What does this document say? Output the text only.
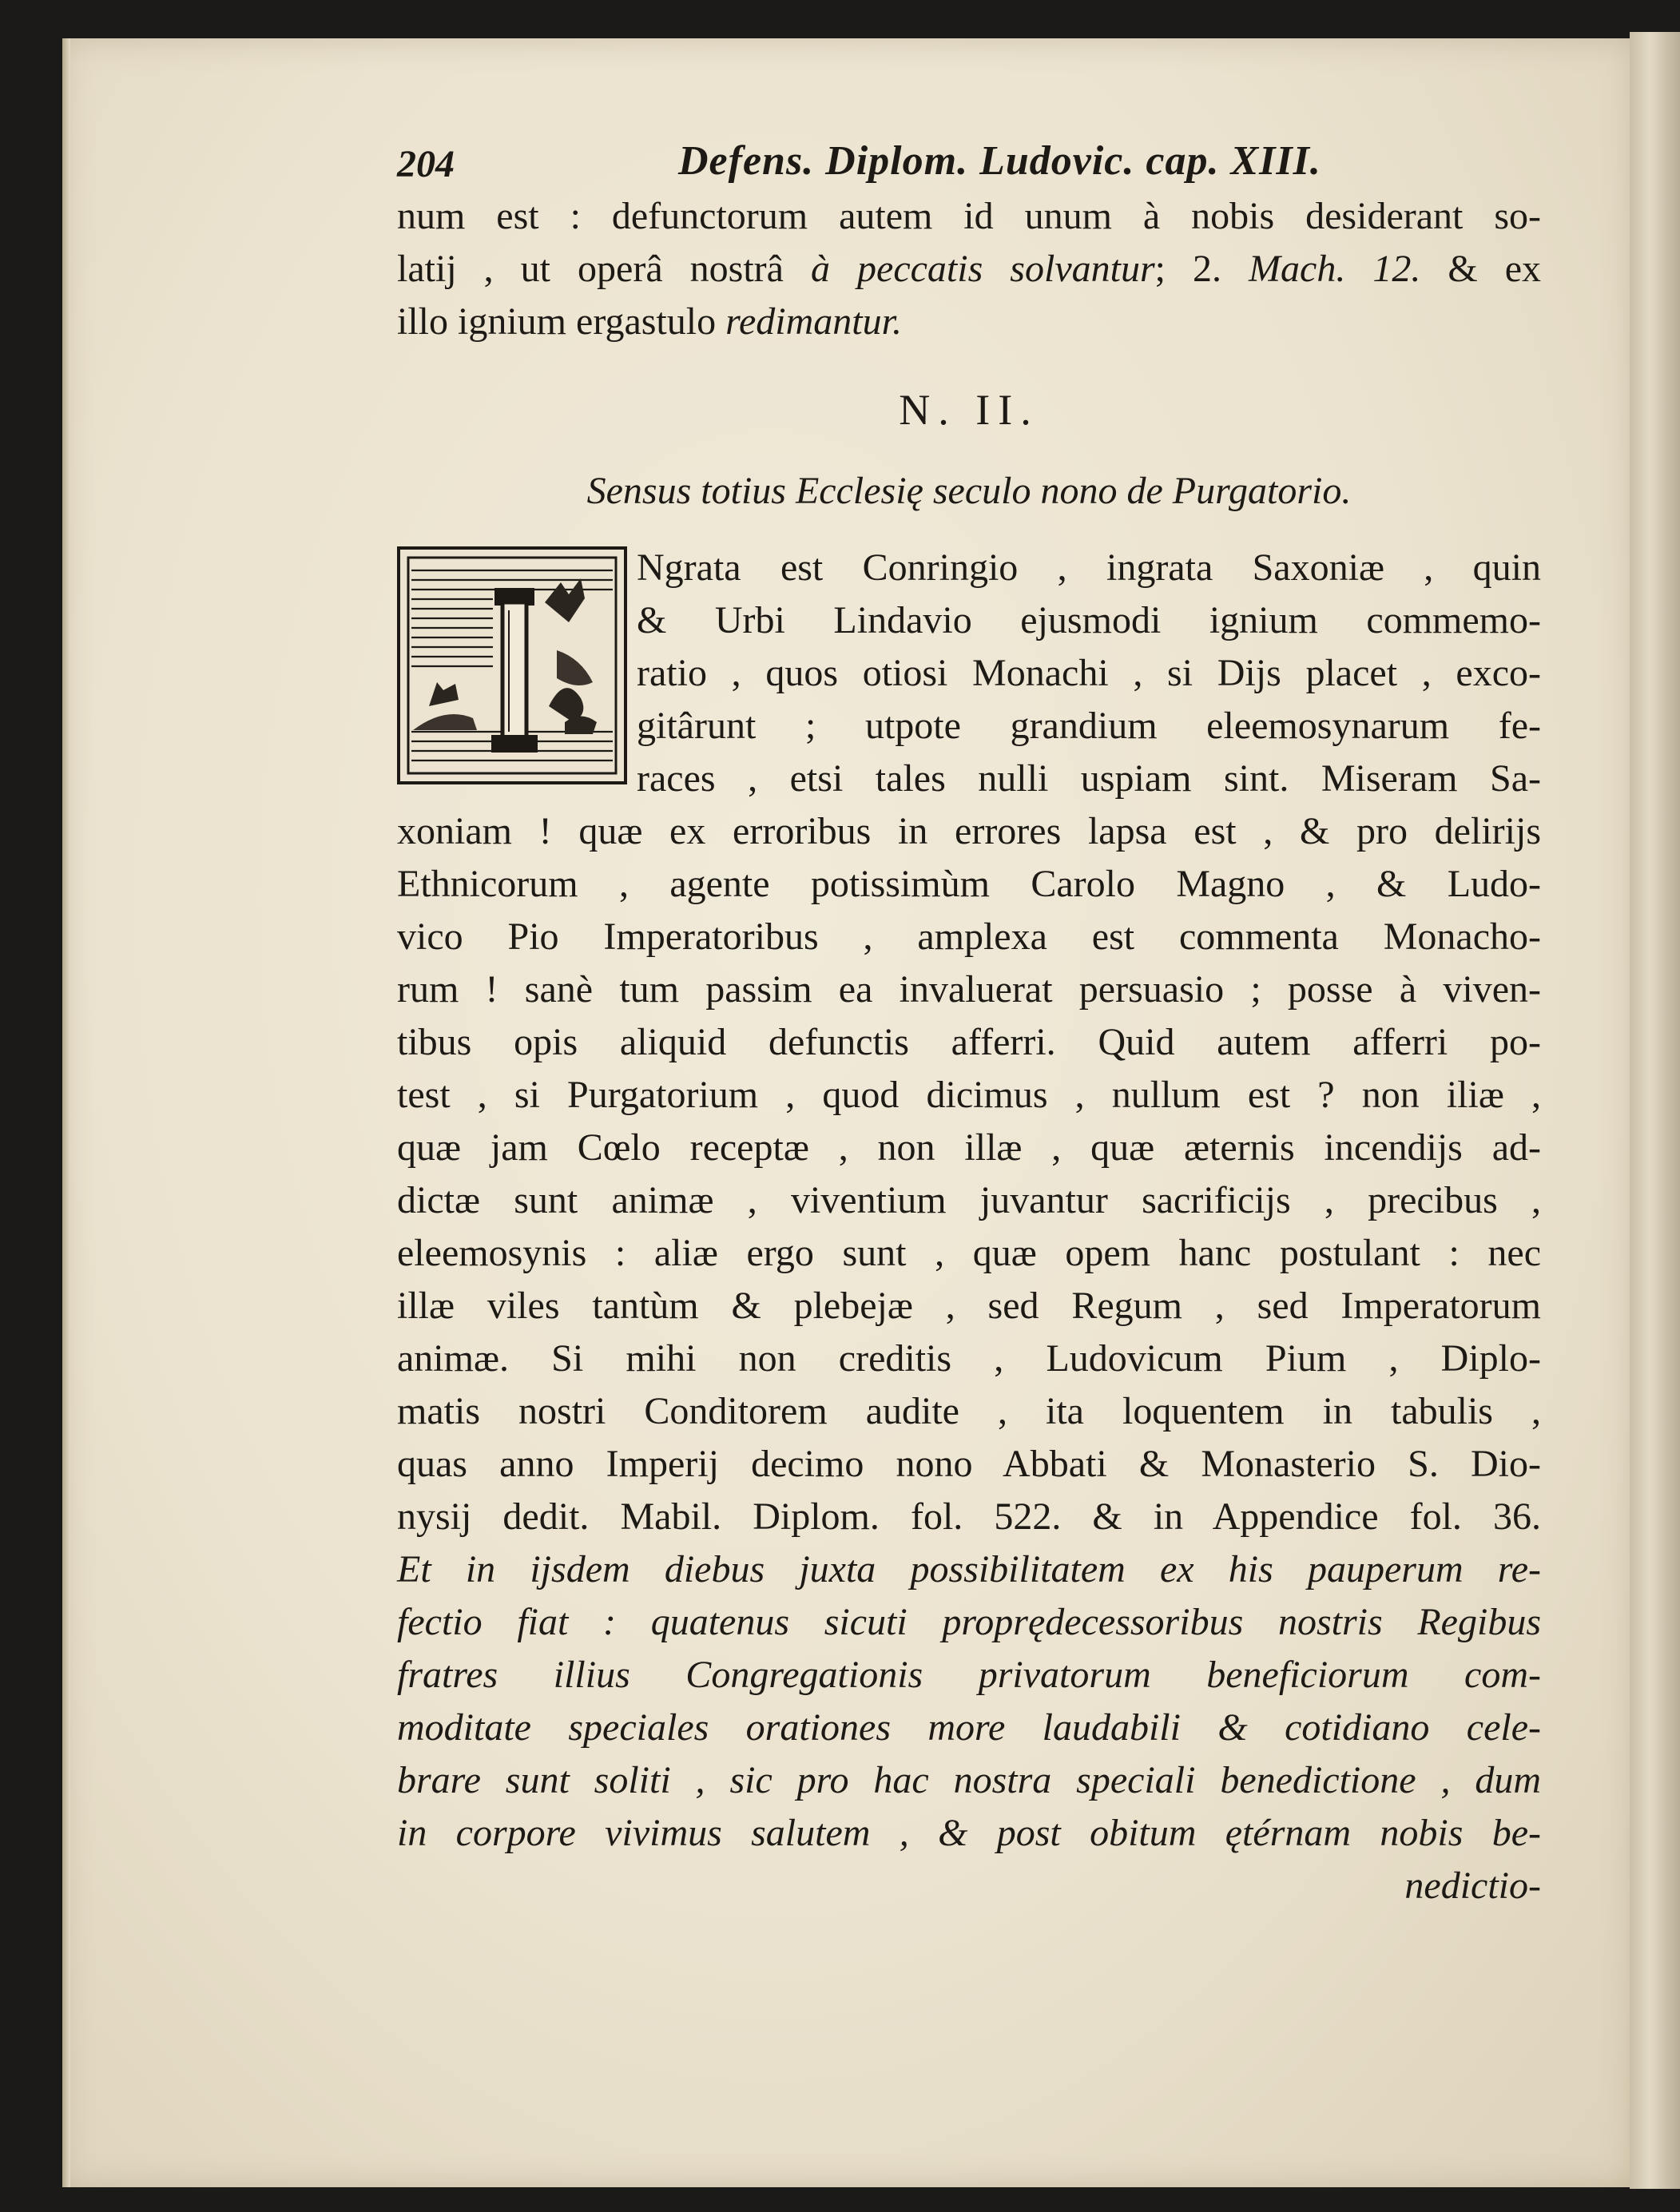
204	Defens. Diplom. Ludovic. cap. XIII.
num est : defunctorum autem id unum à nobis desiderant so-
latij , ut operâ nostrâ à peccatis solvantur; 2. Mach. 12. & ex
illo ignium ergastulo redimantur.
N. II.
Sensus totius Ecclesię seculo nono de Purgatorio.
Ngrata est Conringio , ingrata Saxoniæ , quin
& Urbi Lindavio ejusmodi ignium commemo-
ratio , quos otiosi Monachi , si Dijs placet , exco-
gitârunt ; utpote grandium eleemosynarum fe-
races , etsi tales nulli uspiam sint. Miseram Sa-
xoniam ! quæ ex erroribus in errores lapsa est , & pro delirijs
Ethnicorum , agente potissimùm Carolo Magno , & Ludo-
vico Pio Imperatoribus , amplexa est commenta Monacho-
rum ! sanè tum passim ea invaluerat persuasio ; posse à viven-
tibus opis aliquid defunctis afferri. Quid autem afferri po-
test , si Purgatorium , quod dicimus , nullum est ? non iliæ ,
quæ jam Cœlo receptæ , non illæ , quæ æternis incendijs ad-
dictæ sunt animæ , viventium juvantur sacrificijs , precibus ,
eleemosynis : aliæ ergo sunt , quæ opem hanc postulant : nec
illæ viles tantùm & plebejæ , sed Regum , sed Imperatorum
animæ. Si mihi non creditis , Ludovicum Pium , Diplo-
matis nostri Conditorem audite , ita loquentem in tabulis ,
quas anno Imperij decimo nono Abbati & Monasterio S. Dio-
nysij dedit. Mabil. Diplom. fol. 522. & in Appendice fol. 36.
Et in ijsdem diebus juxta possibilitatem ex his pauperum re-
fectio fiat : quatenus sicuti proprędecessoribus nostris Regibus
fratres illius Congregationis privatorum beneficiorum com-
moditate speciales orationes more laudabili & cotidiano cele-
brare sunt soliti , sic pro hac nostra speciali benedictione , dum
in corpore vivimus salutem , & post obitum ętérnam nobis be-
nedictio-
